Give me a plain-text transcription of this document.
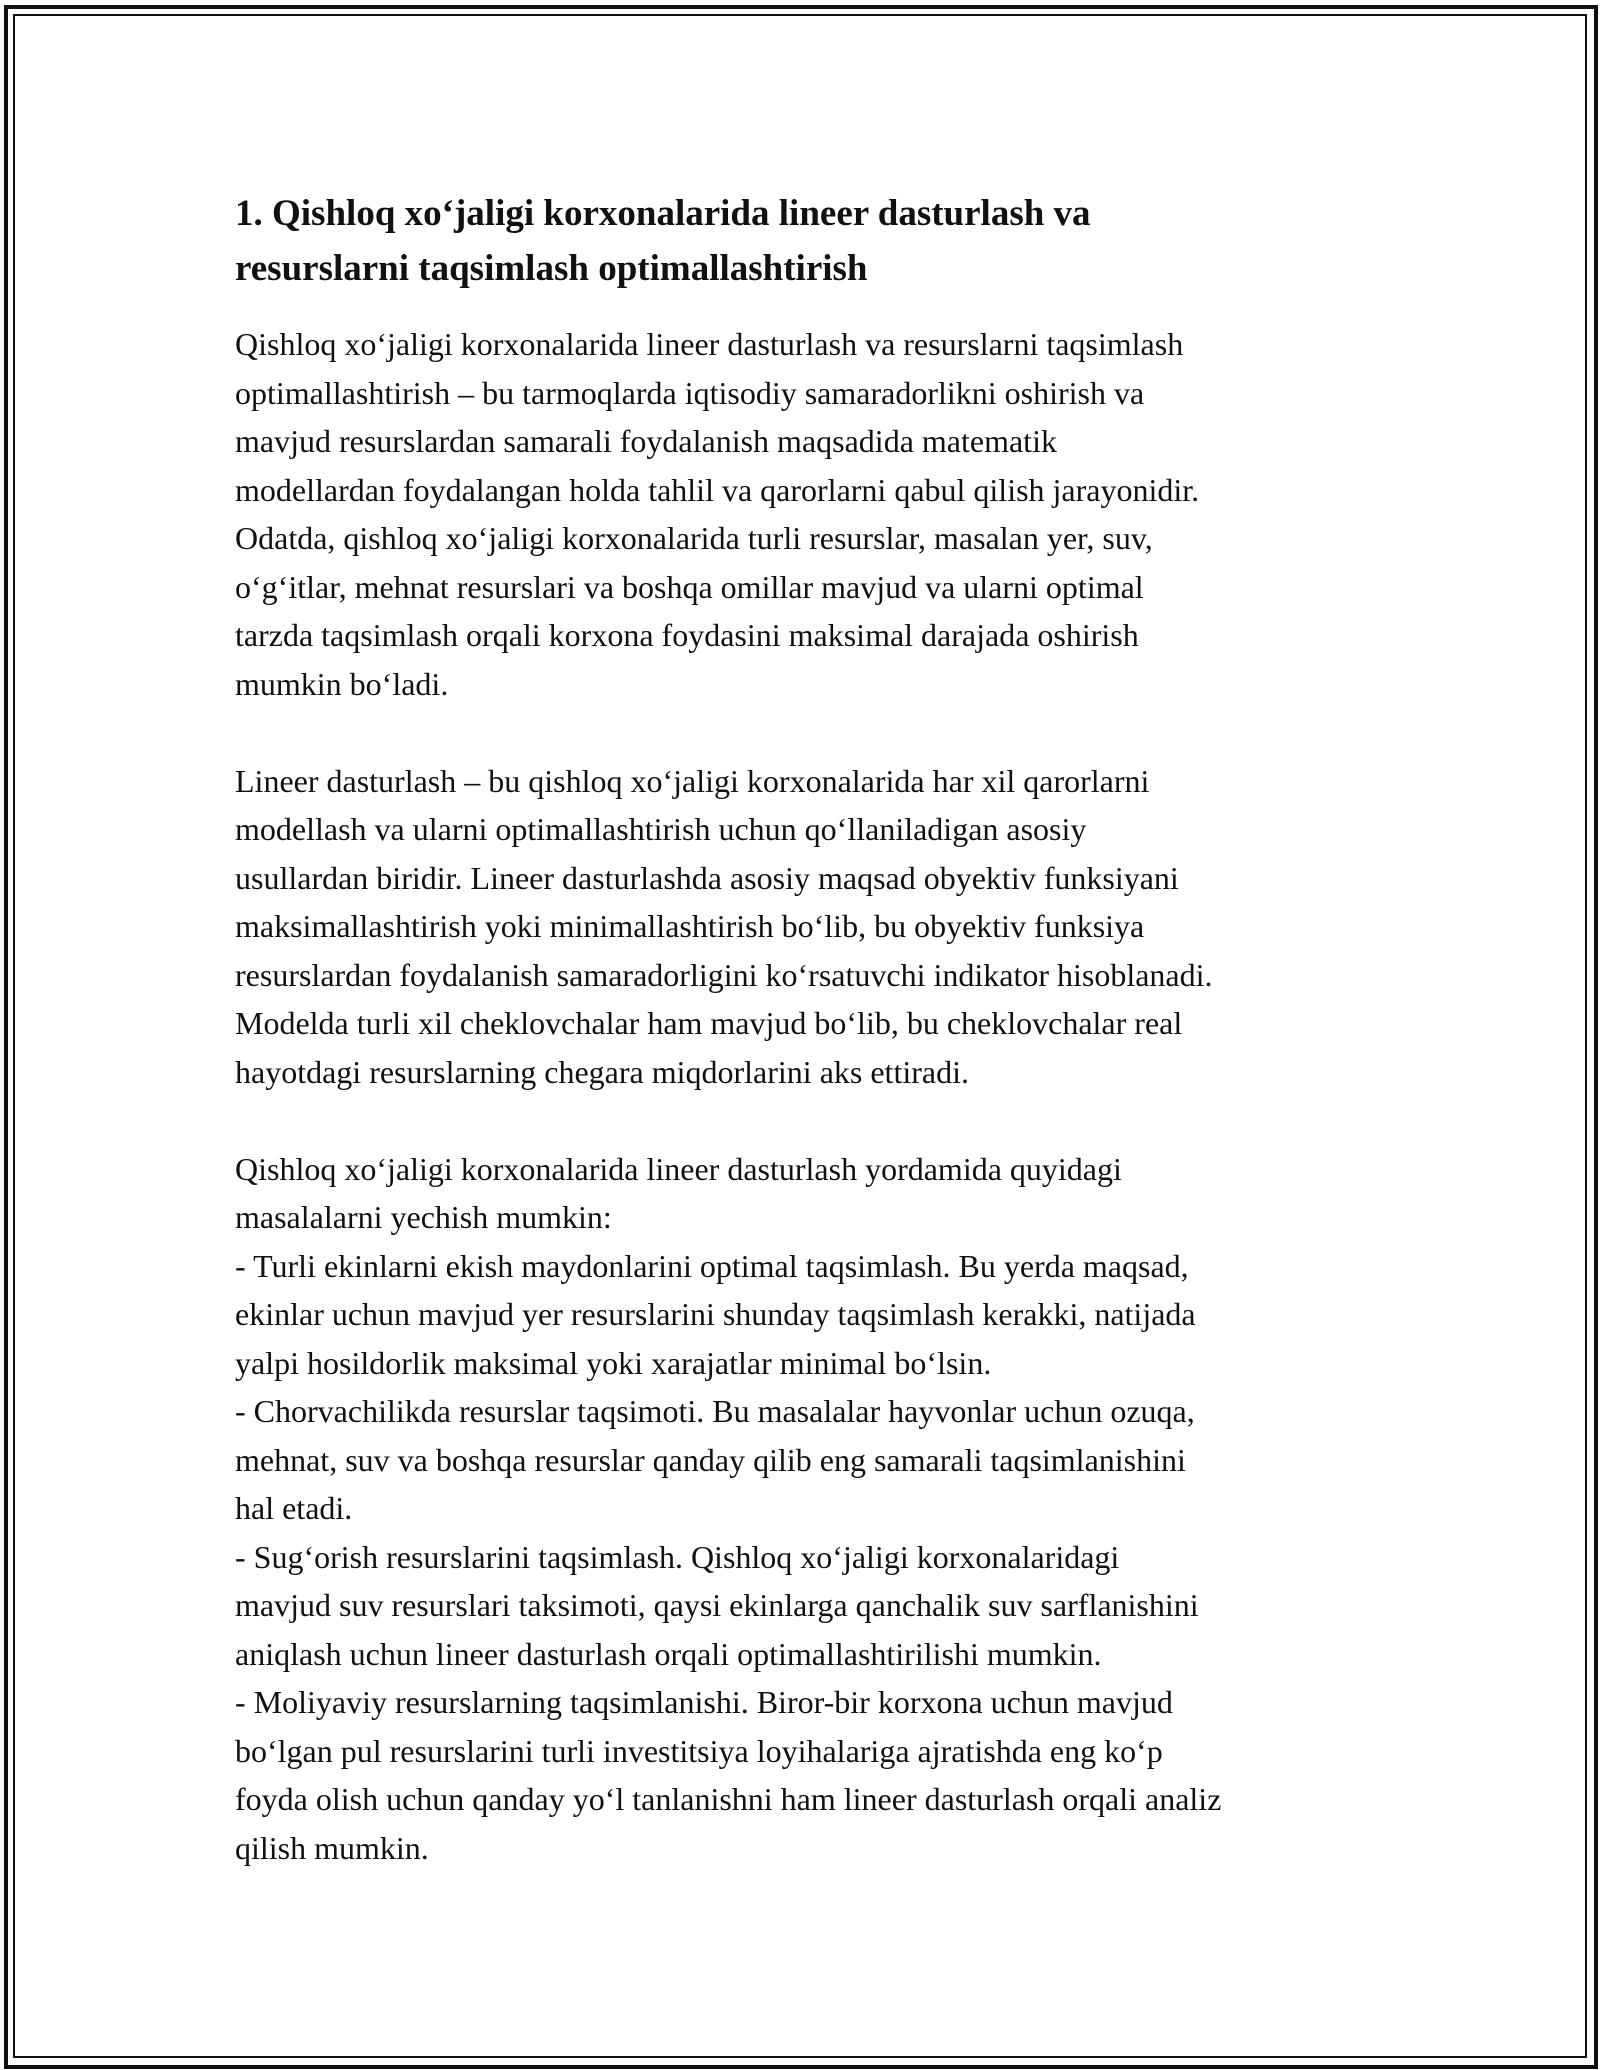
1. Qishloq xo‘jaligi korxonalarida lineer dasturlash va
resurslarni taqsimlash optimallashtirish
Qishloq xo‘jaligi korxonalarida lineer dasturlash va resurslarni taqsimlash
optimallashtirish – bu tarmoqlarda iqtisodiy samaradorlikni oshirish va
mavjud resurslardan samarali foydalanish maqsadida matematik
modellardan foydalangan holda tahlil va qarorlarni qabul qilish jarayonidir.
Odatda, qishloq xo‘jaligi korxonalarida turli resurslar, masalan yer, suv,
o‘g‘itlar, mehnat resurslari va boshqa omillar mavjud va ularni optimal
tarzda taqsimlash orqali korxona foydasini maksimal darajada oshirish
mumkin bo‘ladi.
Lineer dasturlash – bu qishloq xo‘jaligi korxonalarida har xil qarorlarni
modellash va ularni optimallashtirish uchun qo‘llaniladigan asosiy
usullardan biridir. Lineer dasturlashda asosiy maqsad obyektiv funksiyani
maksimallashtirish yoki minimallashtirish bo‘lib, bu obyektiv funksiya
resurslardan foydalanish samaradorligini ko‘rsatuvchi indikator hisoblanadi.
Modelda turli xil cheklovchalar ham mavjud bo‘lib, bu cheklovchalar real
hayotdagi resurslarning chegara miqdorlarini aks ettiradi.
Qishloq xo‘jaligi korxonalarida lineer dasturlash yordamida quyidagi
masalalarni yechish mumkin:
- Turli ekinlarni ekish maydonlarini optimal taqsimlash. Bu yerda maqsad,
ekinlar uchun mavjud yer resurslarini shunday taqsimlash kerakki, natijada
yalpi hosildorlik maksimal yoki xarajatlar minimal bo‘lsin.
- Chorvachilikda resurslar taqsimoti. Bu masalalar hayvonlar uchun ozuqa,
mehnat, suv va boshqa resurslar qanday qilib eng samarali taqsimlanishini
hal etadi.
- Sug‘orish resurslarini taqsimlash. Qishloq xo‘jaligi korxonalaridagi
mavjud suv resurslari taksimoti, qaysi ekinlarga qanchalik suv sarflanishini
aniqlash uchun lineer dasturlash orqali optimallashtirilishi mumkin.
- Moliyaviy resurslarning taqsimlanishi. Biror-bir korxona uchun mavjud
bo‘lgan pul resurslarini turli investitsiya loyihalariga ajratishda eng ko‘p
foyda olish uchun qanday yo‘l tanlanishni ham lineer dasturlash orqali analiz
qilish mumkin.
